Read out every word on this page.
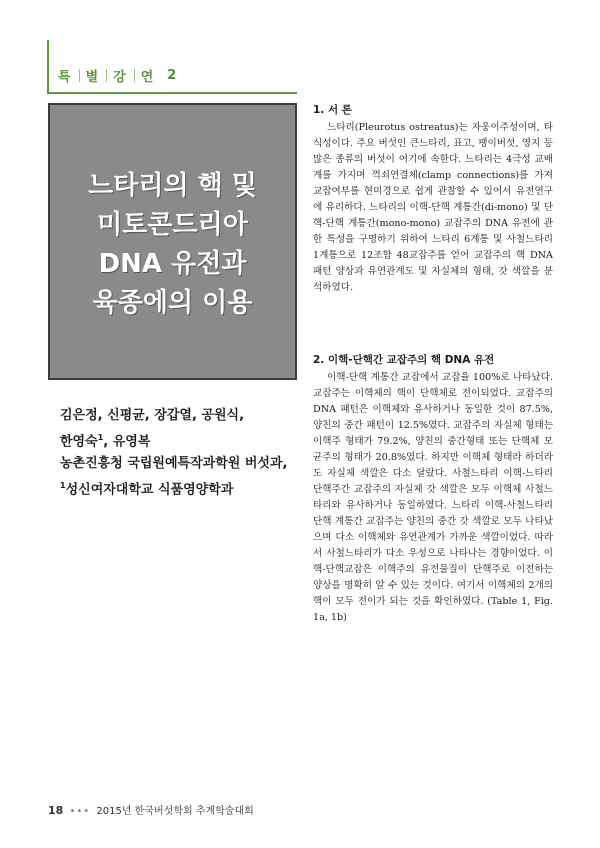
특	별	강	연 2
느타리의 핵 및
미토콘드리아
DNA 유전과
육종에의 이용
김은정, 신평균, 장갑열, 공원식,
한영숙$^1$, 유영복
농촌진흥청 국립원예특작과학원 버섯과,
$^1$성신여자대학교 식품영양학과
1. 서 론

느타리(Pleurotus ostreatus)는 자웅이주성이며, 타식성이다. 주요 버섯인 큰느타리, 표고, 팽이버섯, 영지 등 많은 종류의 버섯이 여기에 속한다. 느타리는 4극성 교배계를 가지며 꺽쇠연결체(clamp connections)를 가져 교잡여부를 현미경으로 쉽게 관찰할 수 있어서 유전연구에 유리하다. 느타리의 이핵-단핵 계통간(di-mono) 및 단핵-단핵 계통간(mono-mono) 교잡주의 DNA 유전에 관한 특성을 구명하기 위하여 느타리 6계통 및 사철느타리 1계통으로 12조합 48교잡주를 얻어 교잡주의 핵 DNA 패턴 양상과 유연관계도 및 자실체의 형태, 갓 색깔을 분석하였다.

2. 이핵-단핵간 교잡주의 핵 DNA 유전

이핵-단핵 계통간 교잡에서 교잡율 100%로 나타났다. 교잡주는 이핵체의 핵이 단핵체로 전이되었다. 교잡주의 DNA 패턴은 이핵체와 유사하거나 동일한 것이 87.5%, 양친의 중간 패턴이 12.5%였다. 교잡주의 자실체 형태는 이핵주 형태가 79.2%, 양친의 중간형태 또는 단핵체 모균주의 형태가 20.8%였다. 하지만 이핵체 형태라 하더라도 자실체 색깔은 다소 달랐다. 사철느타리 이핵-느타리 단핵주간 교잡주의 자실체 갓 색깔은 모두 이핵체 사철느타리와 유사하거나 동일하였다. 느타리 이핵-사철느타리 단핵 계통간 교잡주는 양친의 중간 갓 색깔로 모두 나타났으며 다소 이핵체와 유연관계가 가까운 색깔이었다. 따라서 사철느타리가 다소 우성으로 나타나는 경향이었다. 이핵-단핵교잡은 이핵주의 유전물질이 단핵주로 이전하는 양상을 명확히 알 수 있는 것이다. 여기서 이핵체의 2개의 핵이 모두 전이가 되는 것을 확인하였다. (Table 1, Fig. 1a, 1b)

18 ••• 2015년 한국버섯학회 추계학술대회
